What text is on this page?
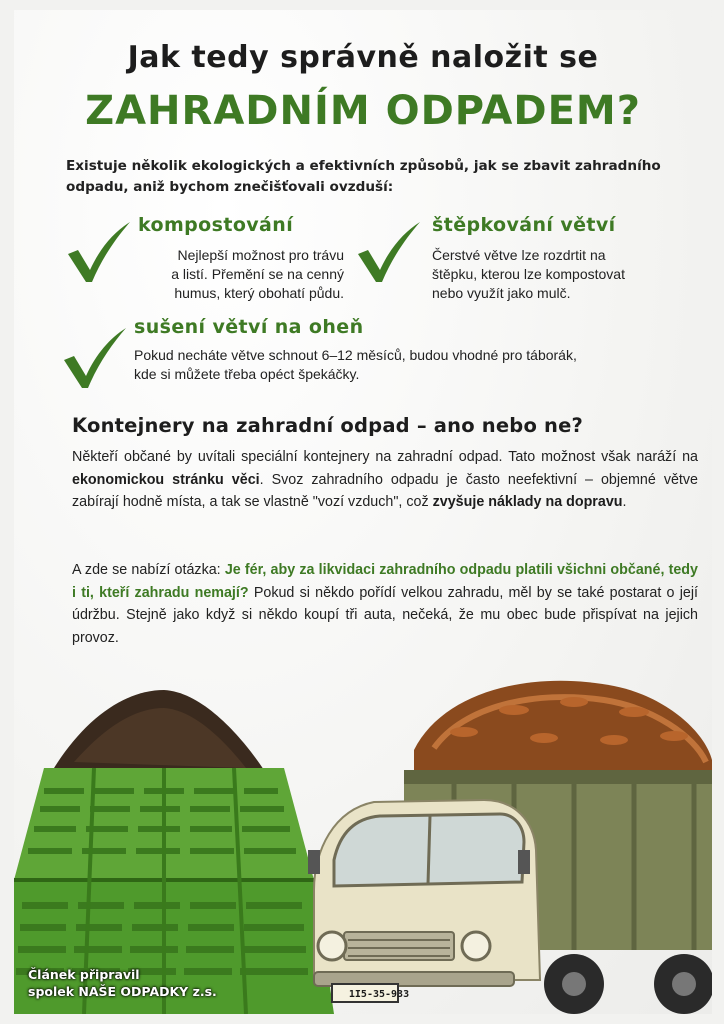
Jak tedy správně naložit se
ZAHRADNÍM ODPADEM?
Existuje několik ekologických a efektivních způsobů, jak se zbavit zahradního odpadu, aniž bychom znečišťovali ovzduší:
kompostování
Nejlepší možnost pro trávu
a listí. Přemění se na cenný
humus, který obohatí půdu.
štěpkování větví
Čerstvé větve lze rozdrtit na
štěpku, kterou lze kompostovat
nebo využít jako mulč.
sušení větví na oheň
Pokud necháte větve schnout 6–12 měsíců, budou vhodné pro táborák,
kde si můžete třeba opéct špekáčky.
Kontejnery na zahradní odpad – ano nebo ne?
Někteří občané by uvítali speciální kontejnery na zahradní odpad. Tato možnost však naráží na ekonomickou stránku věci. Svoz zahradního odpadu je často neefektivní – objemné větve zabírají hodně místa, a tak se vlastně "vozí vzduch", což zvyšuje náklady na dopravu.
A zde se nabízí otázka: Je fér, aby za likvidaci zahradního odpadu platili všichni občané, tedy i ti, kteří zahradu nemají? Pokud si někdo pořídí velkou zahradu, měl by se také postarat o její údržbu. Stejně jako když si někdo koupí tři auta, nečeká, že mu obec bude přispívat na jejich provoz.
1I5-35-933
Článek připravil
spolek NAŠE ODPADKY z.s.
